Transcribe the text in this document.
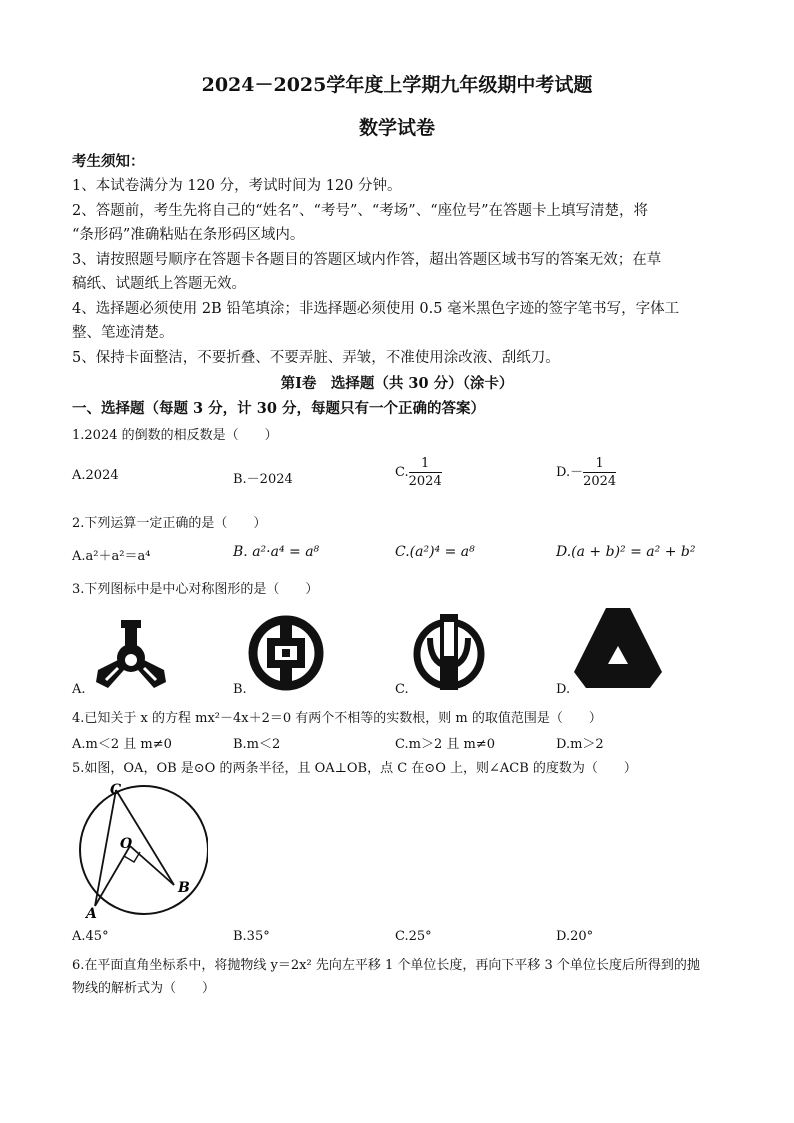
2024－2025学年度上学期九年级期中考试题
数学试卷
考生须知：
1、本试卷满分为 120 分，考试时间为 120 分钟。
2、答题前，考生先将自己的“姓名”、“考号”、“考场”、“座位号”在答题卡上填写清楚，将
“条形码”准确粘贴在条形码区域内。
3、请按照题号顺序在答题卡各题目的答题区域内作答，超出答题区域书写的答案无效；在草
稿纸、试题纸上答题无效。
4、选择题必须使用 2B 铅笔填涂；非选择题必须使用 0.5 毫米黑色字迹的签字笔书写，字体工
整、笔迹清楚。
5、保持卡面整洁，不要折叠、不要弄脏、弄皱，不准使用涂改液、刮纸刀。
第Ⅰ卷　选择题（共 30 分）（涂卡）
一、选择题（每题 3 分，计 30 分，每题只有一个正确的答案）
1.2024 的倒数的相反数是（　　）
A.2024	B.－2024	C. $\frac{1}{2024}$	$D.- \frac{1}{2024}$
2.下列运算一定正确的是（　　）
A.a²＋a²＝a⁴	B. a²·a⁴ = a⁸	C.(a²)⁴ = a⁸	D.(a + b)² = a² + b²
3.下列图标中是中心对称图形的是（　　）
A.	B.	C.	D.
4.已知关于 x 的方程 mx²－4x＋2＝0 有两个不相等的实数根，则 m 的取值范围是（　　）
A.m＜2 且 m≠0	B.m＜2	C.m＞2 且 m≠0	D.m＞2
5.如图，OA，OB 是⊙O 的两条半径，且 OA⊥OB，点 C 在⊙O 上，则∠ACB 的度数为（　　）
C
O
A
B
A.45°	B.35°	C.25°	D.20°
6.在平面直角坐标系中，将抛物线 y＝2x² 先向左平移 1 个单位长度，再向下平移 3 个单位长度后所得到的抛
物线的解析式为（　　）
